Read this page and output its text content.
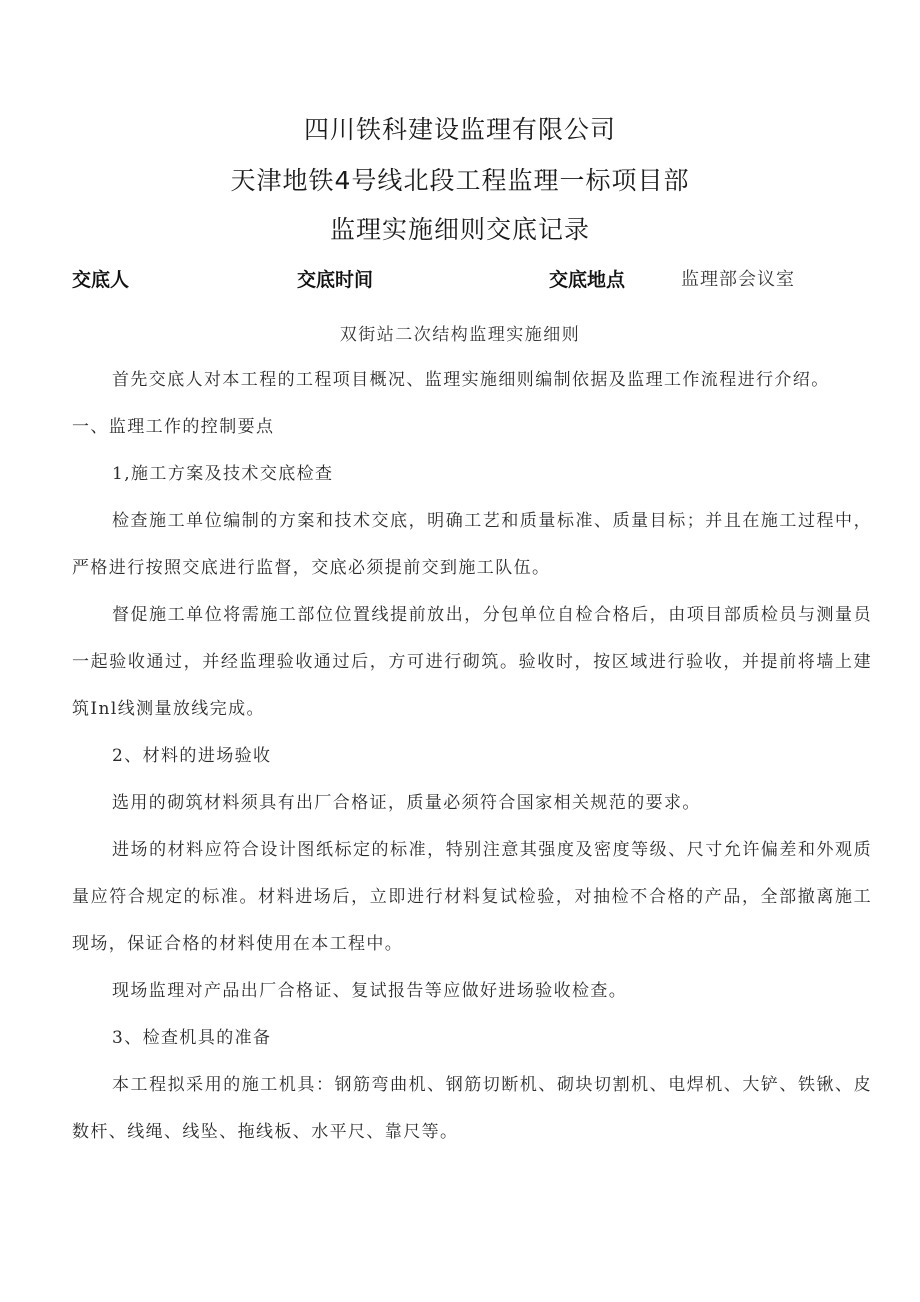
四川铁科建设监理有限公司
天津地铁4号线北段工程监理一标项目部
监理实施细则交底记录
交底人	交底时间	交底地点	监理部会议室
双街站二次结构监理实施细则

首先交底人对本工程的工程项目概况、监理实施细则编制依据及监理工作流程进行介绍。

一、监理工作的控制要点

1,施工方案及技术交底检查

检查施工单位编制的方案和技术交底，明确工艺和质量标准、质量目标；并且在施工过程中，严格进行按照交底进行监督，交底必须提前交到施工队伍。

督促施工单位将需施工部位位置线提前放出，分包单位自检合格后，由项目部质检员与测量员一起验收通过，并经监理验收通过后，方可进行砌筑。验收时，按区域进行验收，并提前将墙上建筑Inl线测量放线完成。

2、材料的进场验收

选用的砌筑材料须具有出厂合格证，质量必须符合国家相关规范的要求。

进场的材料应符合设计图纸标定的标准，特别注意其强度及密度等级、尺寸允许偏差和外观质量应符合规定的标准。材料进场后，立即进行材料复试检验，对抽检不合格的产品，全部撤离施工现场，保证合格的材料使用在本工程中。

现场监理对产品出厂合格证、复试报告等应做好进场验收检查。

3、检查机具的准备

本工程拟采用的施工机具：钢筋弯曲机、钢筋切断机、砌块切割机、电焊机、大铲、铁锹、皮数杆、线绳、线坠、拖线板、水平尺、靠尺等。
